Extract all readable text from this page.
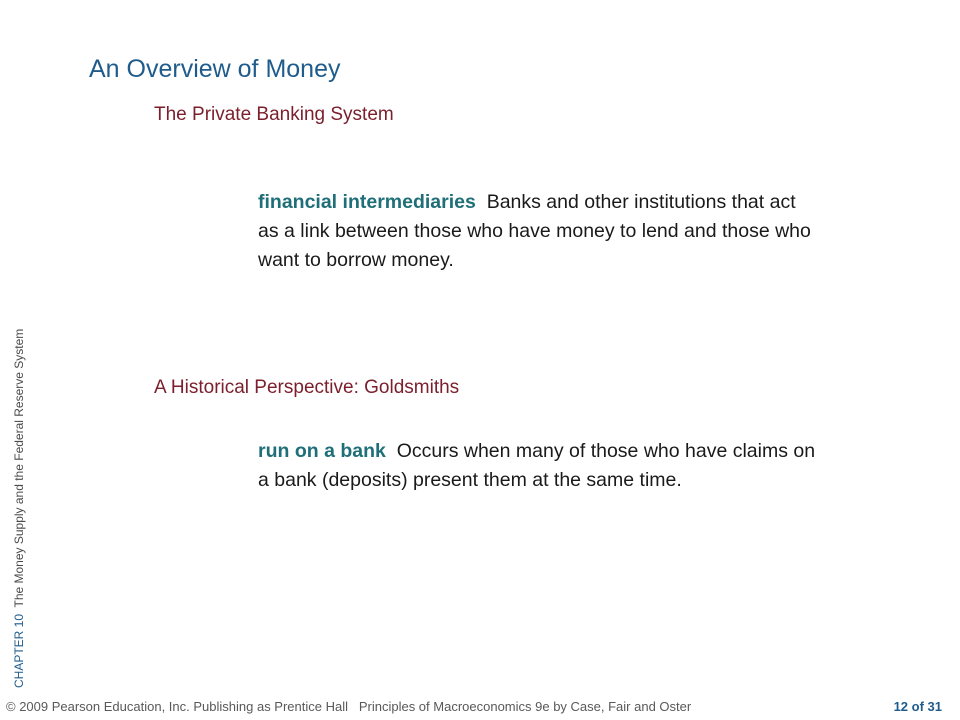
An Overview of Money
The Private Banking System

financial intermediaries Banks and other institutions that act as a link between those who have money to lend and those who want to borrow money.

A Historical Perspective: Goldsmiths

run on a bank Occurs when many of those who have claims on a bank (deposits) present them at the same time.

CHAPTER 10  The Money Supply and the Federal Reserve System
© 2009 Pearson Education, Inc. Publishing as Prentice Hall Principles of Macroeconomics 9e by Case, Fair and Oster	12 of 31
